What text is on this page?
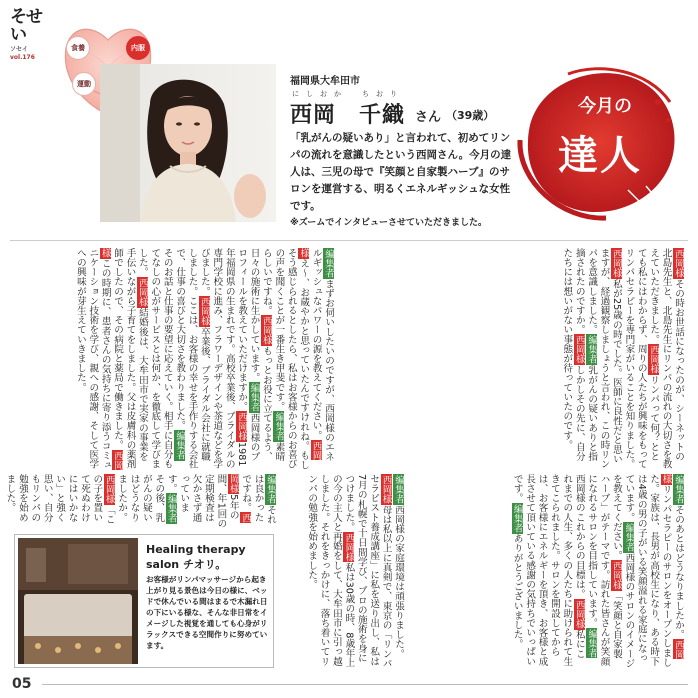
そせい
ソセイ
vol.176
食養	内服
運動	福岡県大牟田市
にしおか　ちおり
西岡　千織 さん （39歳）
「乳がんの疑いあり」と言われて、初めてリンパの流れを意識したという西岡さん。今月の達人は、三児の母で『笑顔と自家製ハーブ』のサロンを運営する、明るくエネルギッシュな女性です。
※ズームでインタビューさせていただきました。
今月の
達人
編集者まずお伺いしたいのですが、西岡様のエネルギッシュなパワーの源を教えてください。西岡様え〜、お蔵やかと思っていたんですけれね。もしそう感じられるとしたら、私はお客様からのお喜びの声を聞くことが一番生き甲斐です。編集者素晴らしいですね。西岡様もっとお役に立てるよう、日々の施術に生かしています。編集者西岡様のプロフィールを教えていただけますか。西岡様1981年福岡県の生まれです。高校卒業後、ブライダルの専門学校に進み、フラワーデザインや茶道などを学びました。西岡様卒業後、ブライダル会社に就職しました。ここは、お客様の幸せを手作りする会社で、仕事の喜びと大切さを教わりました。編集者そのお話と仕事の要望に応えていく。相手に自分もてなしの心がサービスとは何か、を徹底して学びました。西岡様結婚後は、大牟田市で実家の事業を手伝いながら子育てをしました。父は皮膚科の薬剤師でしたので、その病院と薬局で働きました。西岡様この時期に、患者さんの気持ちに寄り添うコミュニケーション技術を学び、親への感謝、そして医学への興味が芽生えていきました。	西岡様その時お世話になったのが、シーネットの北島先生と、北島先生にリンパの流れの大切さを教えていただきました。西岡様リンパって何？ととても私にはわからず、周りの人たちが興味をもってリンパセラピーを専門家がいることを知りました。西岡様私が25歳の時でした。医師に良性だと思いますが、経過観察しましょうと言われ、この時リンパを意識しました。編集者乳がんの疑いありと指摘されたのですか。西岡様しかしその先に、自分たちには想いがない事態が待っていたのです。
編集者西岡様の家庭環境は頑張りました。西岡様母は私以上に真剣で、東京の「リンパセラピスト養成講座」に私を送り出し、私は7月の札幌で十日間学び、プロの施術を身につけました。西岡様私は30歳の時、8歳年上の今の主人と再婚をして、大牟田市に引っ越しました。それをきっかけに、落ち着いてリンパの勉強を始めました。	編集者そのあとはどうなりましたか。西岡様リンパセラピーのサロンをオープンしました。家族は、長男が高校生になり、ある時下は4歳の男の子がいる笑顔溢れる家庭になっています。編集者西岡様のサロンのイメージを教えてください。西岡様「笑顔と自家製ハーブ」がテーマです。訪れた皆さんが笑顔になれるサロンを目指しています。編集者西岡様のこれからの目標は。西岡様私にこれまでの人生、多くの人たちに助けられて生きてこられました。サロンを開設してからは、お客様にエネルギーを頂き、お客様と成長させて頂いている感謝の気持ちでいっぱいです。編集者ありがとうございました。
編集者それは良かったですね。西岡様5年の間、年1回の定期検査は欠かさず通っています。編集者その後、乳がんの疑いはどうなりましたか。西岡様「この子を置いて死ぬわけにはいかない」と強く思い、自分もリンパの勉強を始めました。
Healing therapy
salon チオリ。
お客様がリンパマッサージから起き上がり見る景色は今日の様に、ベッドで休んでいる間はまるで木漏れ日の下にいる様な、そんな非日常をイメージした視覚を通しても心身がリラックスできる空間作りに努めています。
05
